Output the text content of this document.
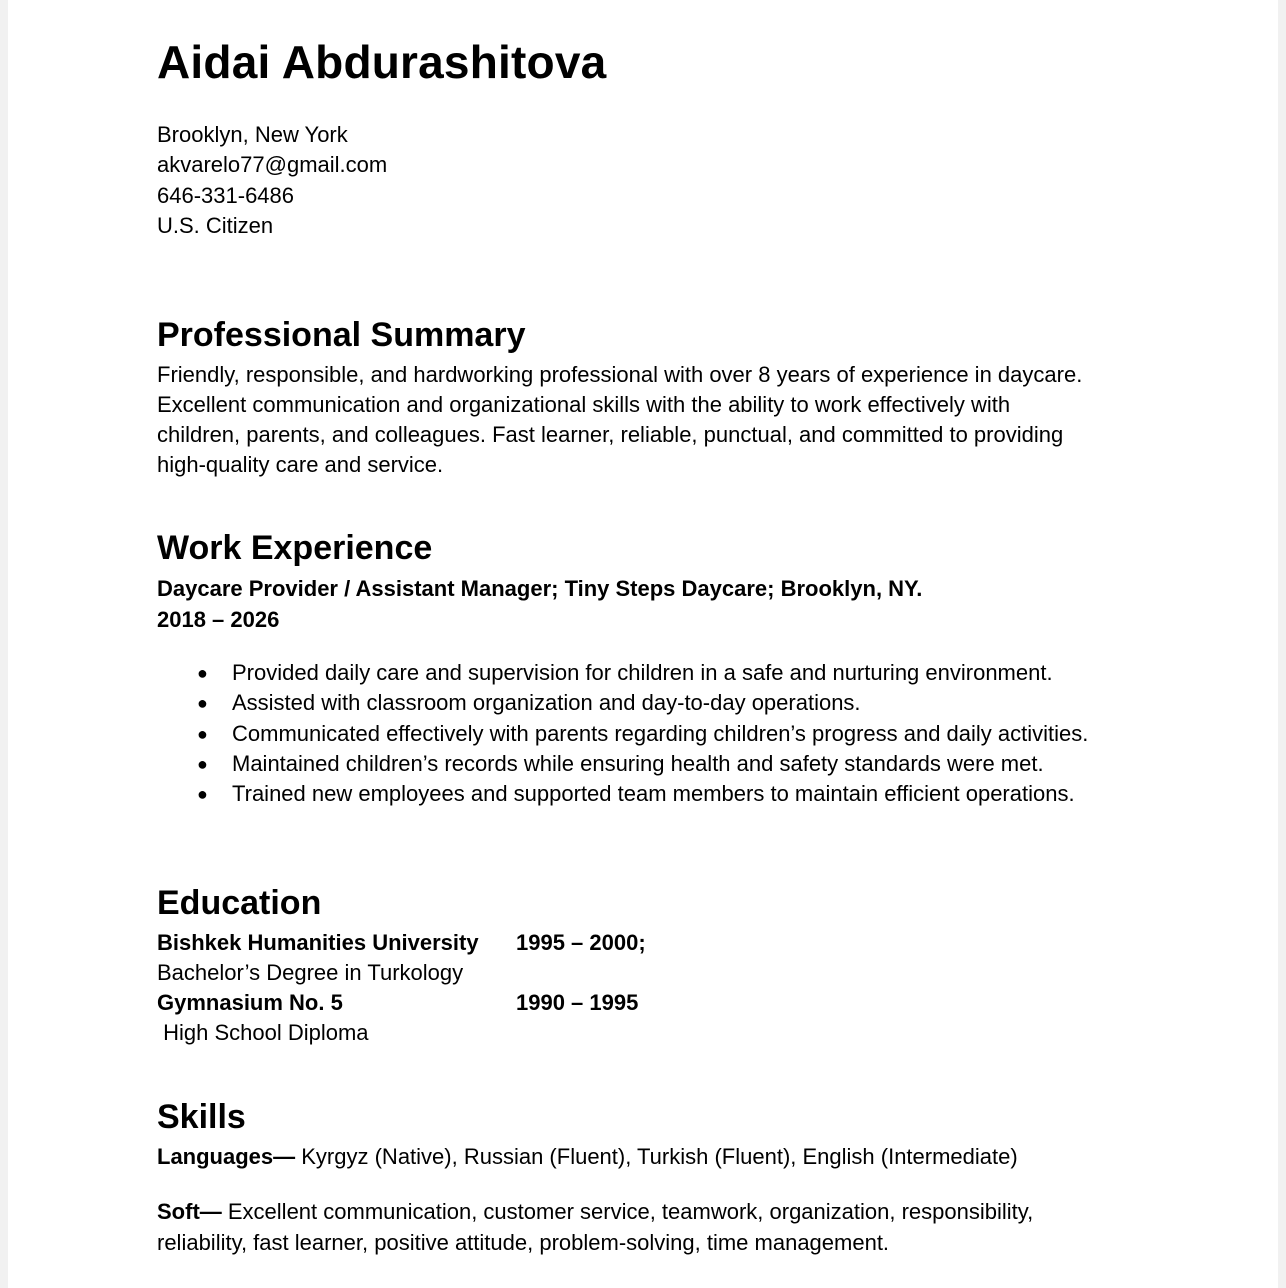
Aidai Abdurashitova
Brooklyn, New York
akvarelo77@gmail.com
646-331-6486
U.S. Citizen
Professional Summary
Friendly, responsible, and hardworking professional with over 8 years of experience in daycare.
Excellent communication and organizational skills with the ability to work effectively with
children, parents, and colleagues. Fast learner, reliable, punctual, and committed to providing
high-quality care and service.
Work Experience
Daycare Provider / Assistant Manager; Tiny Steps Daycare; Brooklyn, NY.
2018 – 2026
● Provided daily care and supervision for children in a safe and nurturing environment.
● Assisted with classroom organization and day-to-day operations.
● Communicated effectively with parents regarding children’s progress and daily activities.
● Maintained children’s records while ensuring health and safety standards were met.
● Trained new employees and supported team members to maintain efficient operations.
Education
Bishkek Humanities University 1995 – 2000;
Bachelor’s Degree in Turkology
Gymnasium No. 5	1990 – 1995
High School Diploma
Skills
Languages— Kyrgyz (Native), Russian (Fluent), Turkish (Fluent), English (Intermediate)
Soft— Excellent communication, customer service, teamwork, organization, responsibility, reliability, fast learner, positive attitude, problem-solving, time management.
